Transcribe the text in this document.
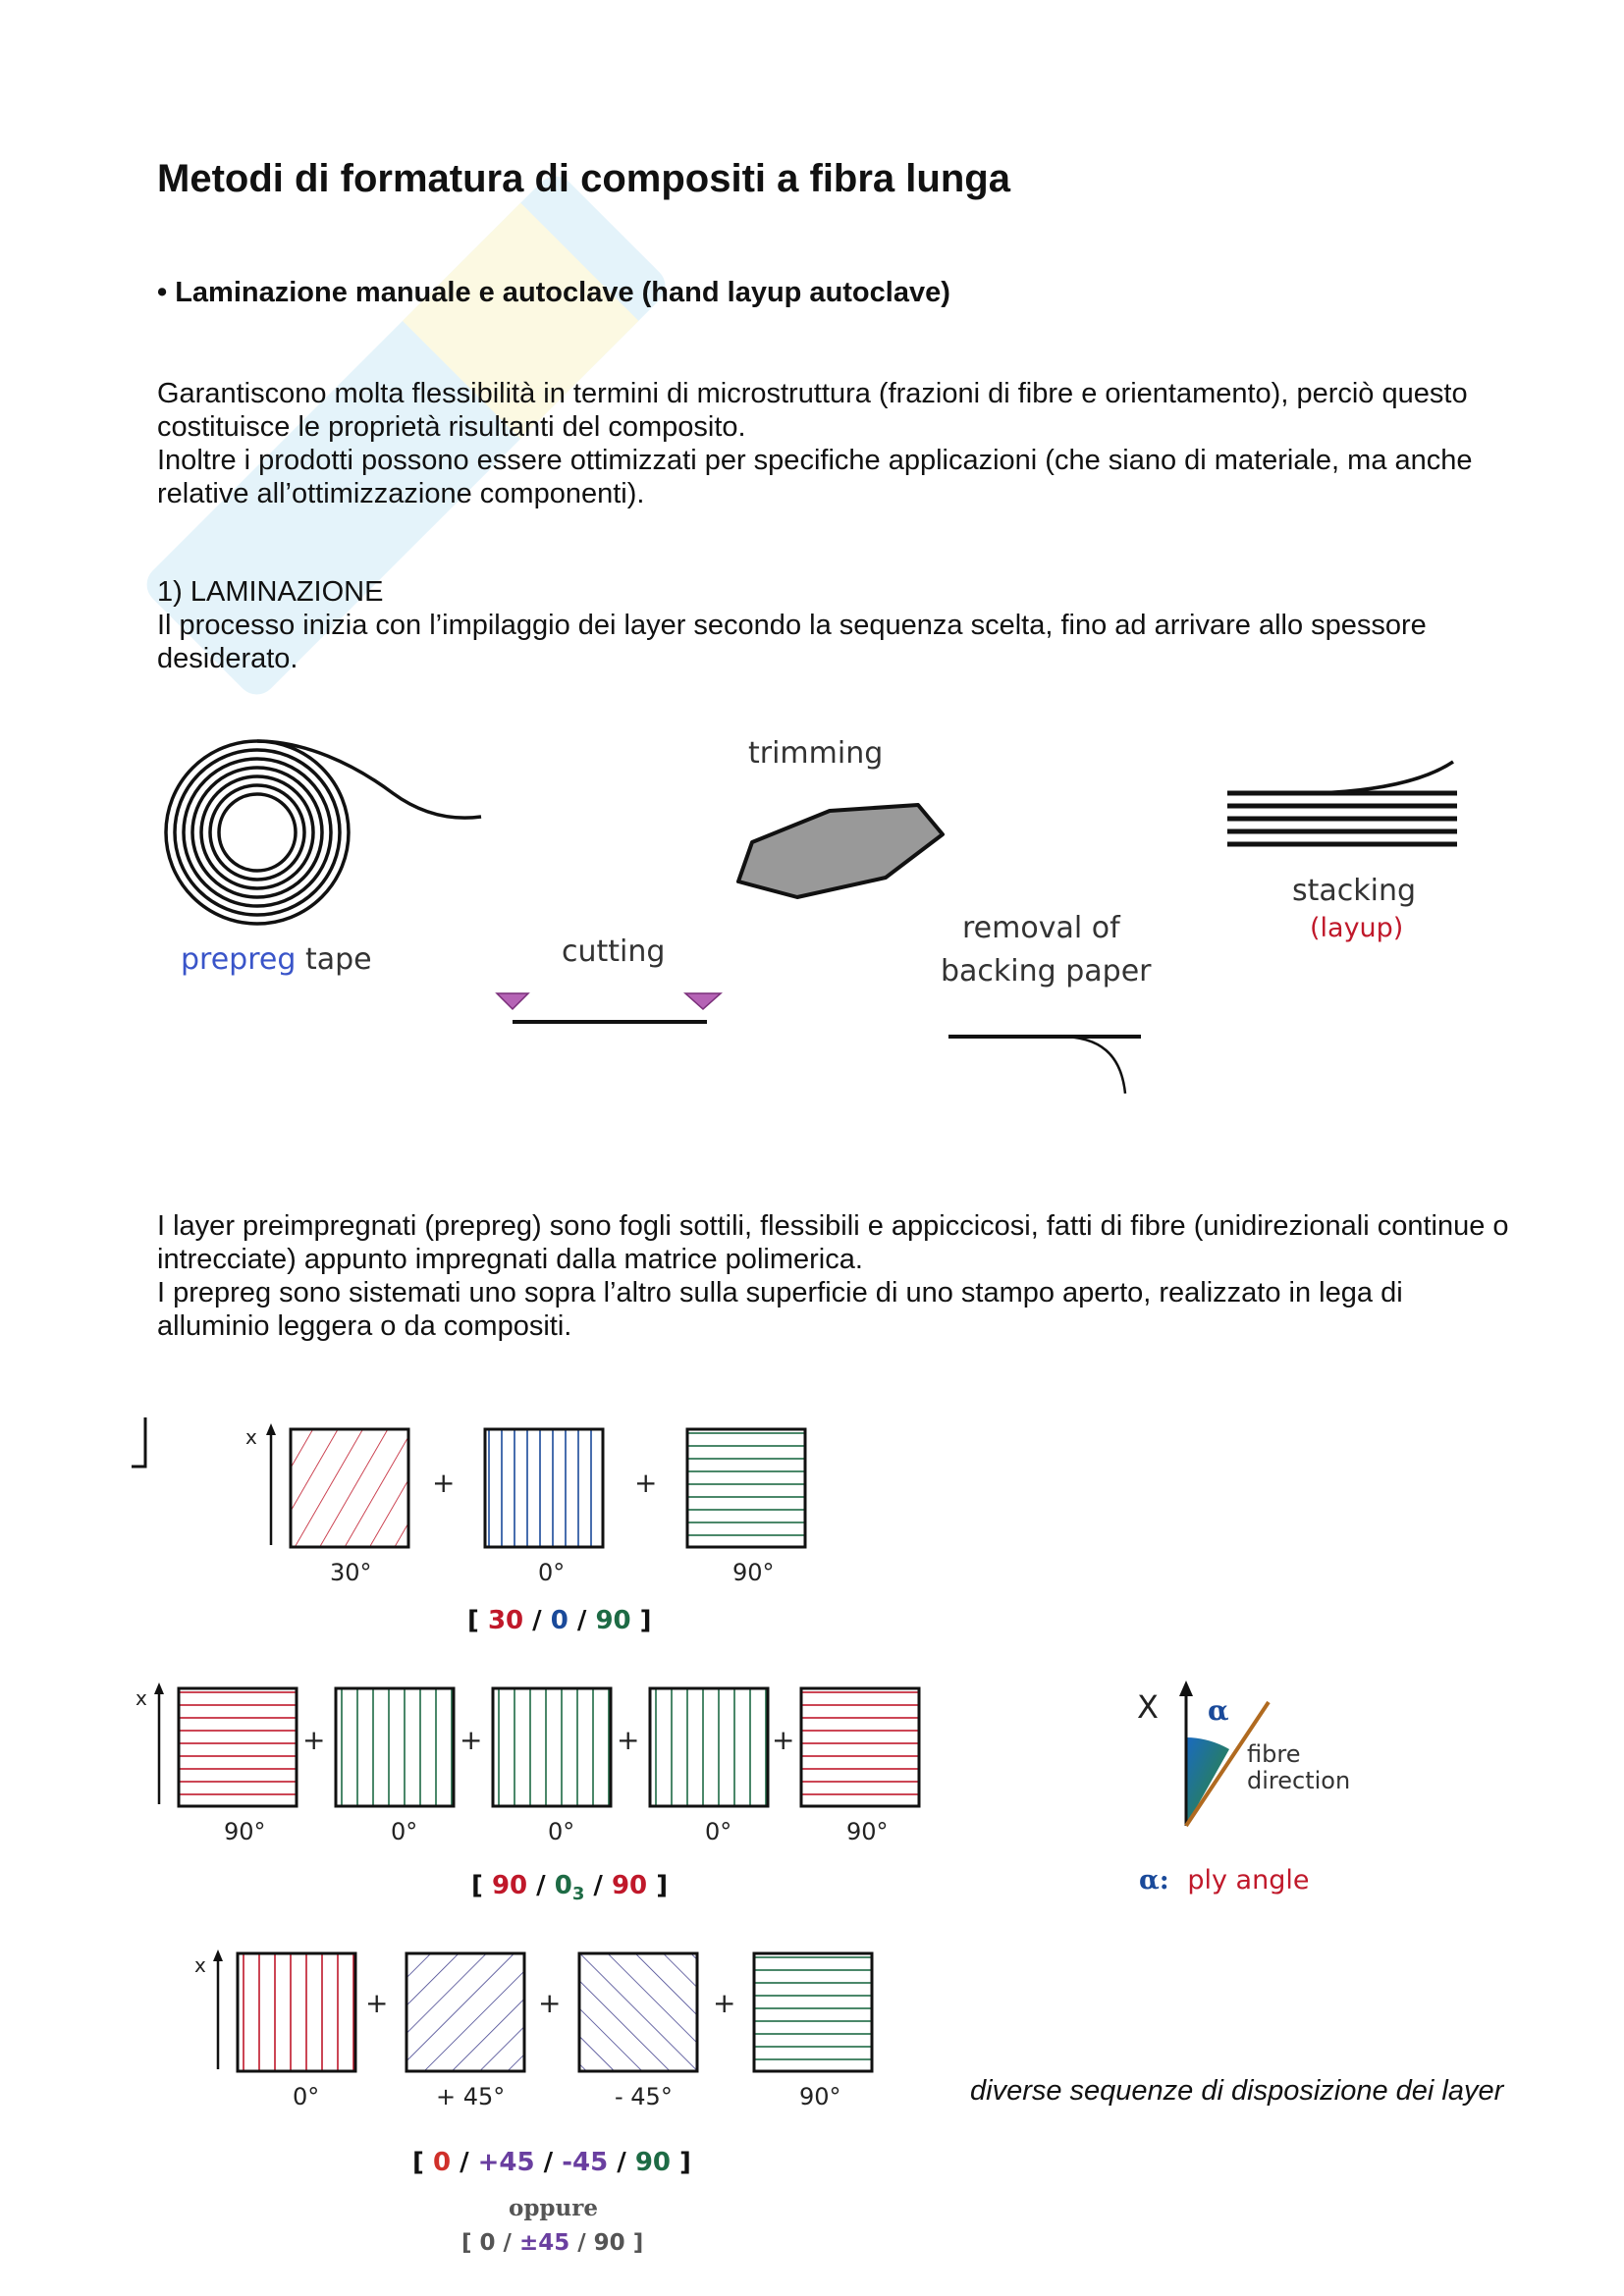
Metodi di formatura di compositi a fibra lunga
• Laminazione manuale e autoclave (hand layup autoclave)

Garantiscono molta flessibilità in termini di microstruttura (frazioni di fibre e orientamento), perciò questo costituisce le proprietà risultanti del composito.

Inoltre i prodotti possono essere ottimizzati per specifiche applicazioni (che siano di materiale, ma anche relative all’ottimizzazione componenti).

1) LAMINAZIONE

Il processo inizia con l’impilaggio dei layer secondo la sequenza scelta, fino ad arrivare allo spessore desiderato.

prepreg tape	cutting
trimming
removal of
backing paper
stacking
(layup)

I layer preimpregnati (prepreg) sono fogli sottili, flessibili e appiccicosi, fatti di fibre (unidirezionali continue o intrecciate) appunto impregnati dalla matrice polimerica.

I prepreg sono sistemati uno sopra l’altro sulla superficie di uno stampo aperto, realizzato in lega di alluminio leggera o da compositi.

x
+	+
30°	0°	90°
[ 30 / 0 / 90 ]
x
+	+	+	+
90°	0°	0°	0°	90°
[ $90 / 0_3 / 90$ ]
X α
fibre
direction
α: ply angle
x
+	+	+
0°	+ 45°	- 45°	90°
[ 0 / +45 / -45 / 90 ]
oppure
[ 0 / ±45 / 90 ]
diverse sequenze di disposizione dei layer
